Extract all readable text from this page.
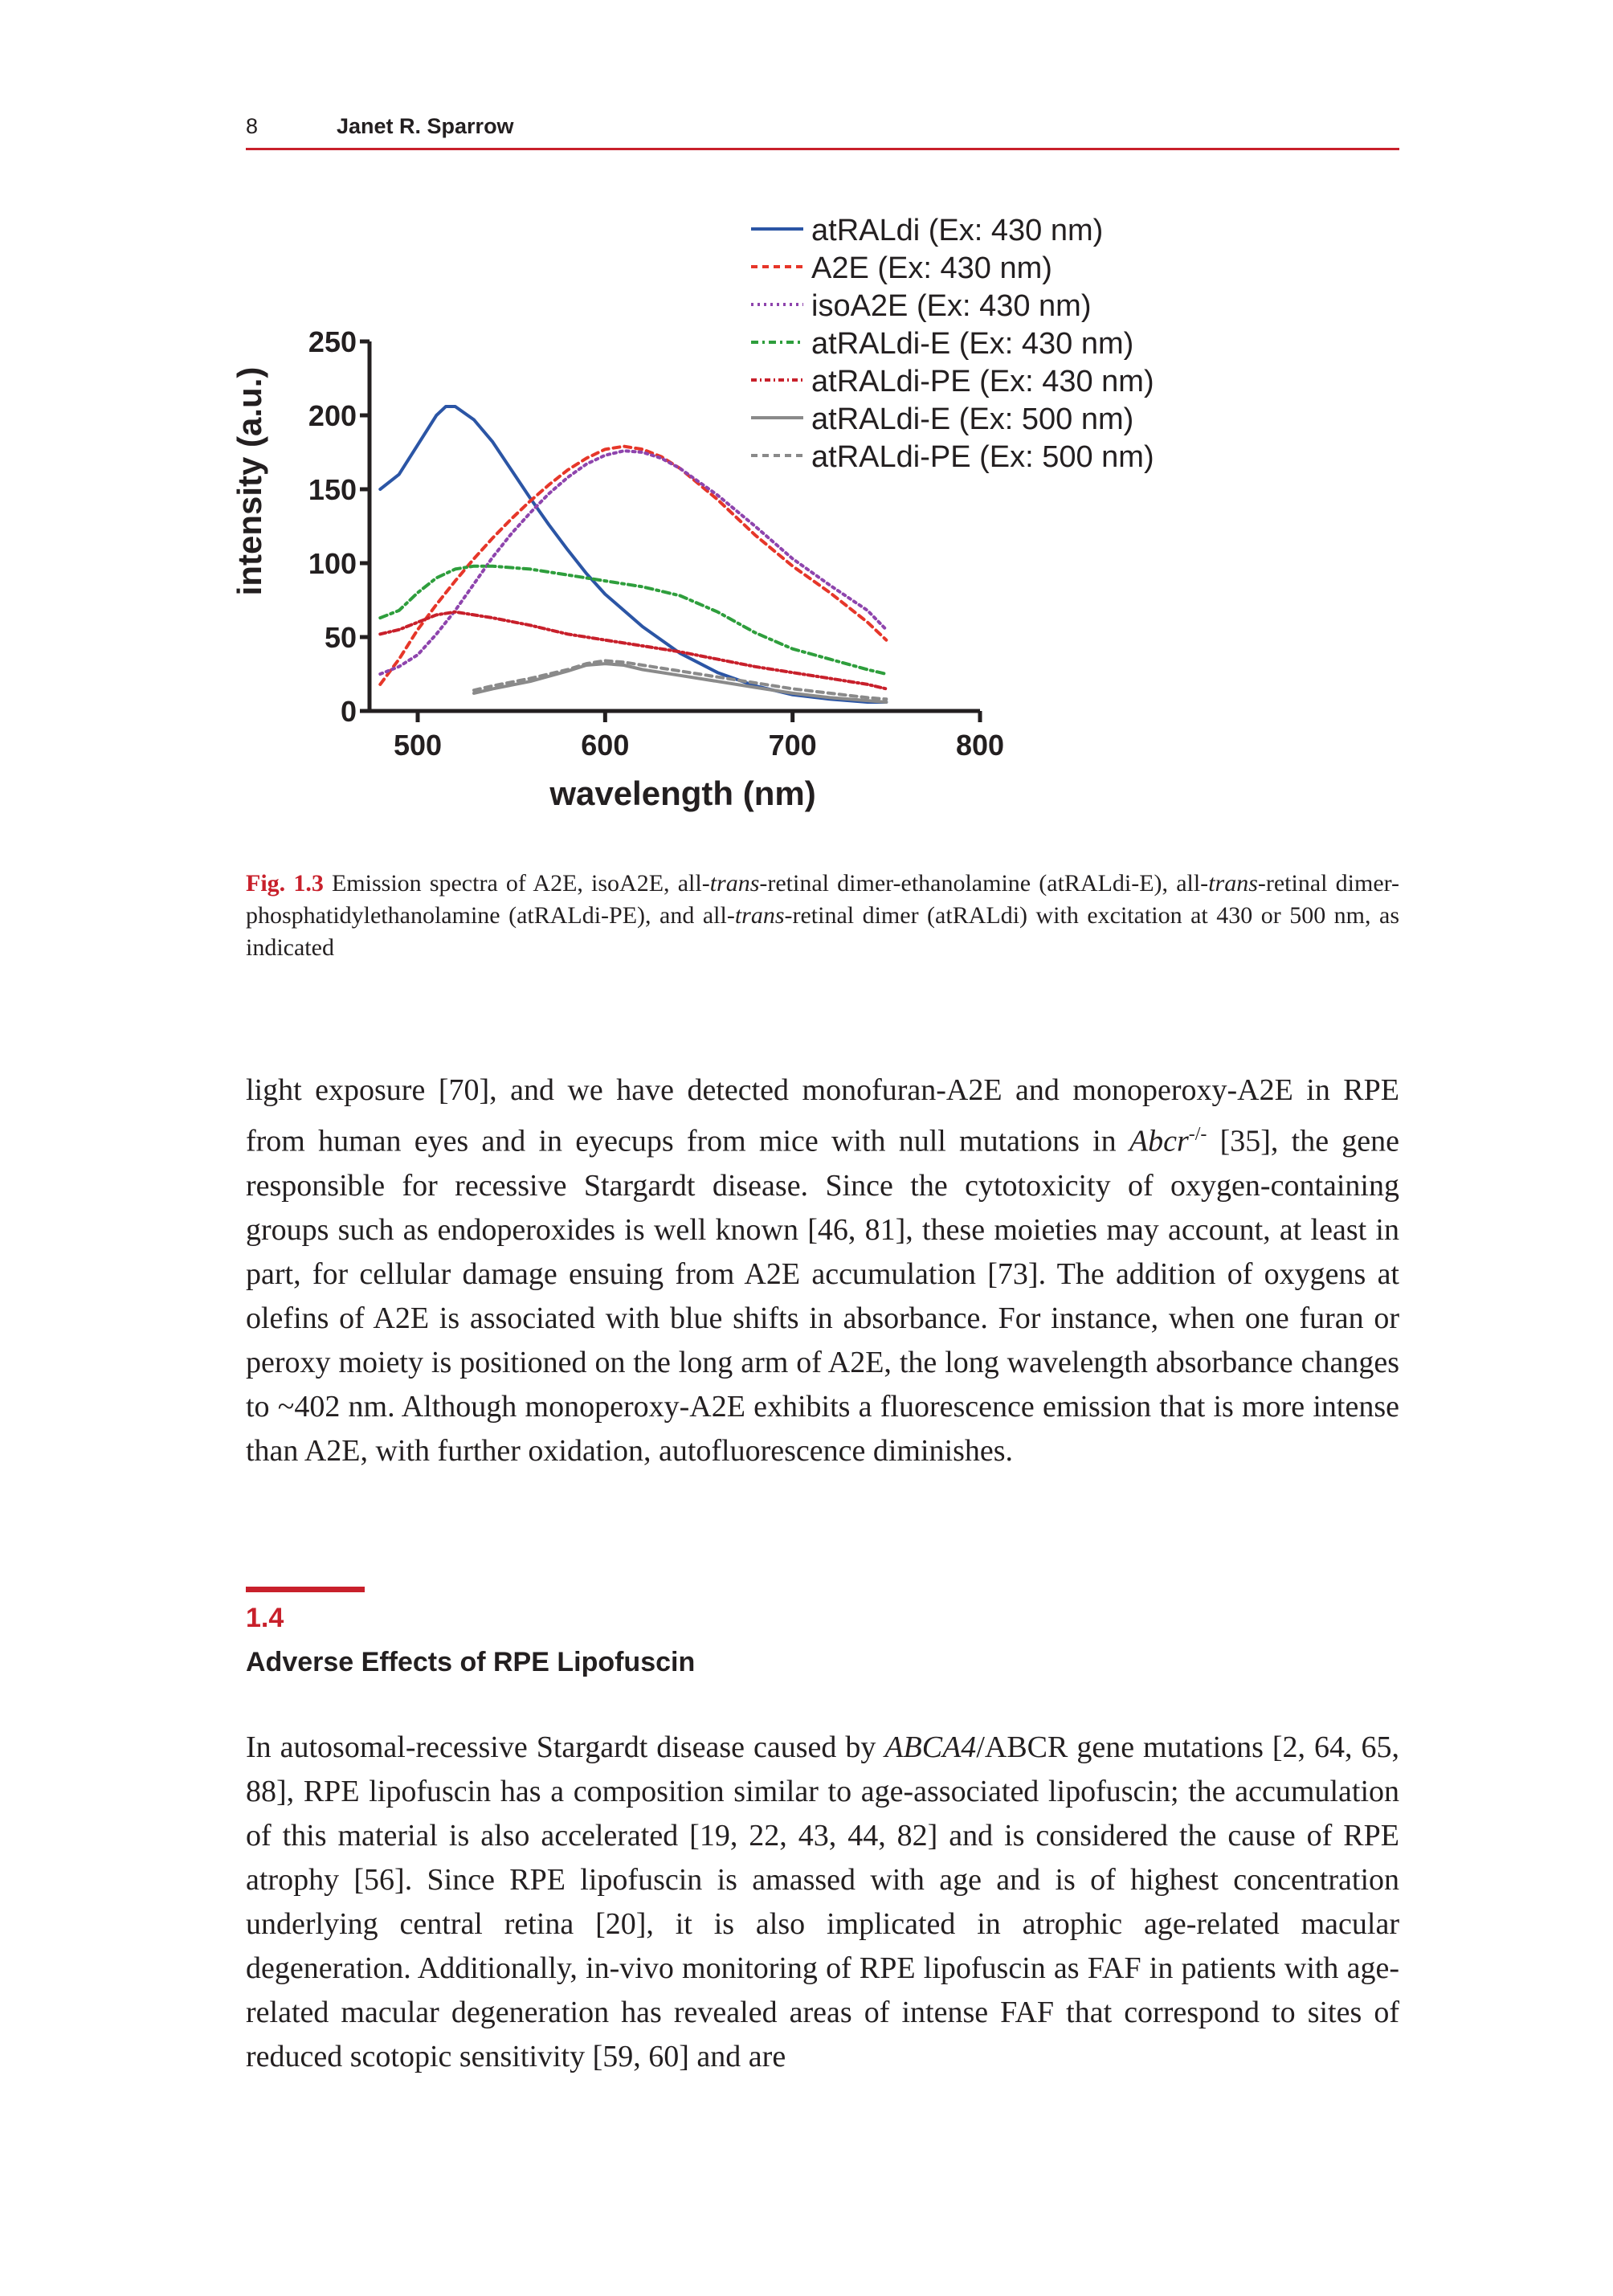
8	Janet R. Sparrow
0
50
100
150
200
250
500	600	700	800
atRALdi (Ex: 430 nm)
A2E (Ex: 430 nm)
isoA2E (Ex: 430 nm)
atRALdi-E (Ex: 430 nm)
atRALdi-PE (Ex: 430 nm)
atRALdi-E (Ex: 500 nm)
atRALdi-PE (Ex: 500 nm)
wavelength (nm)
intensity (a.u.)
Fig. 1.3 Emission spectra of A2E, isoA2E, all-trans-retinal dimer-ethanolamine (atRALdi-E), all-trans-retinal dimer-phosphatidylethanolamine (atRALdi-PE), and all-trans-retinal dimer (atRALdi) with excitation at 430 or 500 nm, as indicated
light exposure [70], and we have detected monofuran-A2E and monoperoxy-A2E in RPE from human eyes and in eyecups from mice with null mutations in Abcr-/- [35], the gene responsible for recessive Stargardt disease. Since the cytotoxicity of oxygen-containing groups such as endoperoxides is well known [46, 81], these moieties may account, at least in part, for cellular damage ensuing from A2E accumulation [73]. The addition of oxygens at olefins of A2E is associated with blue shifts in absorbance. For instance, when one furan or peroxy moiety is positioned on the long arm of A2E, the long wavelength absorbance changes to ~402 nm. Although monoperoxy-A2E exhibits a fluorescence emission that is more intense than A2E, with further oxidation, autofluorescence diminishes.
1.4
Adverse Effects of RPE Lipofuscin
In autosomal-recessive Stargardt disease caused by ABCA4/ABCR gene mutations [2, 64, 65, 88], RPE lipofuscin has a composition similar to age-associated lipofuscin; the accumulation of this material is also accelerated [19, 22, 43, 44, 82] and is considered the cause of RPE atrophy [56]. Since RPE lipofuscin is amassed with age and is of highest concentration underlying central retina [20], it is also implicated in atrophic age-related macular degeneration. Additionally, in-vivo monitoring of RPE lipofuscin as FAF in patients with age-related macular degeneration has revealed areas of intense FAF that correspond to sites of reduced scotopic sensitivity [59, 60] and are
